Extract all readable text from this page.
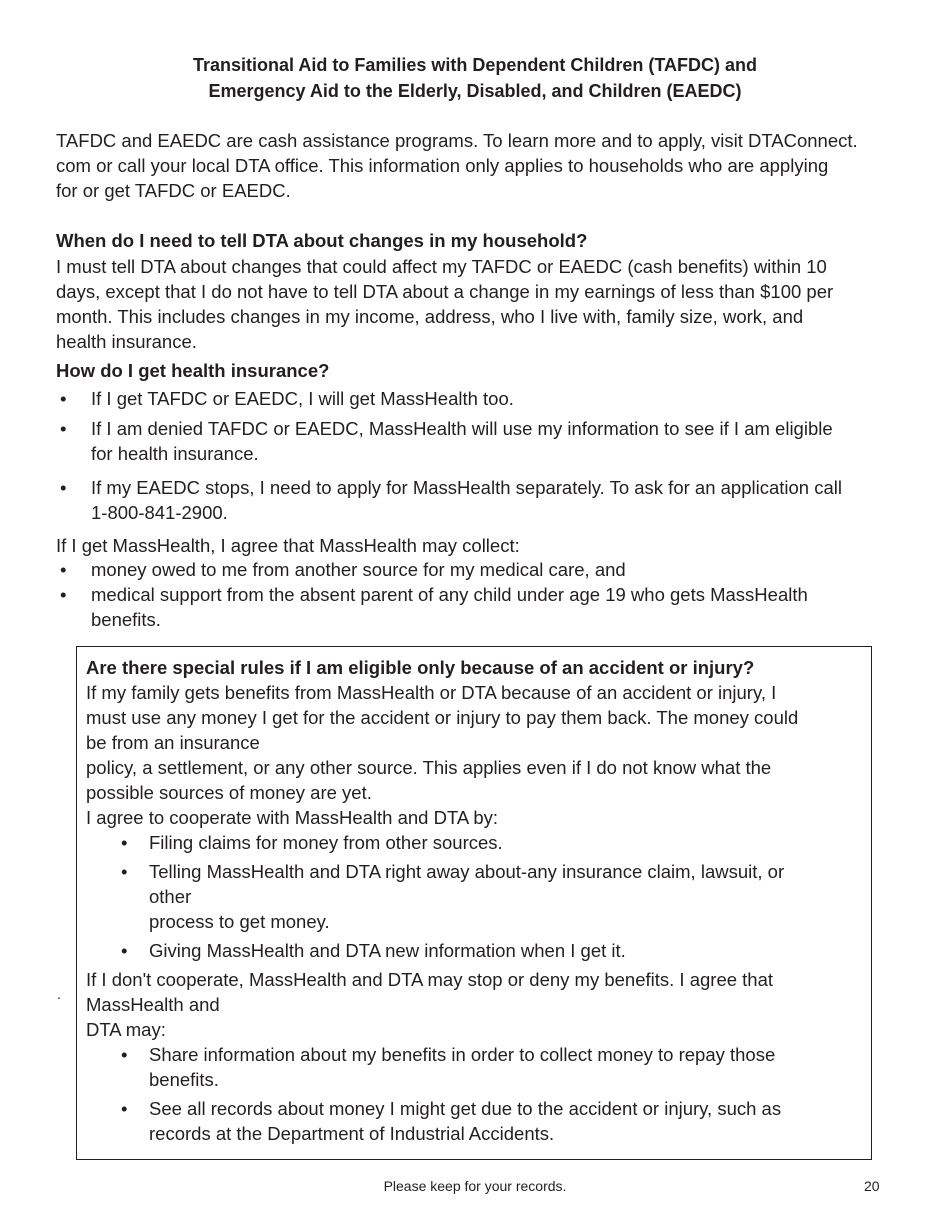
Transitional Aid to Families with Dependent Children (TAFDC) and
Emergency Aid to the Elderly, Disabled, and Children (EAEDC)

TAFDC and EAEDC are cash assistance programs. To learn more and to apply, visit DTAConnect.
com or call your local DTA office. This information only applies to households who are applying
for or get TAFDC or EAEDC.

When do I need to tell DTA about changes in my household?

I must tell DTA about changes that could affect my TAFDC or EAEDC (cash benefits) within 10
days, except that I do not have to tell DTA about a change in my earnings of less than $100 per
month. This includes changes in my income, address, who I live with, family size, work, and
health insurance.

How do I get health insurance?
• If I get TAFDC or EAEDC, I will get MassHealth too.
• If I am denied TAFDC or EAEDC, MassHealth will use my information to see if I am eligible
for health insurance.
• If my EAEDC stops, I need to apply for MassHealth separately. To ask for an application call
1-800-841-2900.

If I get MassHealth, I agree that MassHealth may collect:

• money owed to me from another source for my medical care, and
• medical support from the absent parent of any child under age 19 who gets MassHealth
benefits.
Are there special rules if I am eligible only because of an accident or injury?

If my family gets benefits from MassHealth or DTA because of an accident or injury, I
must use any money I get for the accident or injury to pay them back. The money could
be from an insurance
policy, a settlement, or any other source. This applies even if I do not know what the
possible sources of money are yet.

I agree to cooperate with MassHealth and DTA by:

• Filing claims for money from other sources.
• Telling MassHealth and DTA right away about-any insurance claim, lawsuit, or
other
process to get money.
• Giving MassHealth and DTA new information when I get it.

If I don't cooperate, MassHealth and DTA may stop or deny my benefits. I agree that
MassHealth and
DTA may:

• Share information about my benefits in order to collect money to repay those
benefits.
• See all records about money I might get due to the accident or injury, such as
records at the Department of Industrial Accidents.
.

Please keep for your records.	20
